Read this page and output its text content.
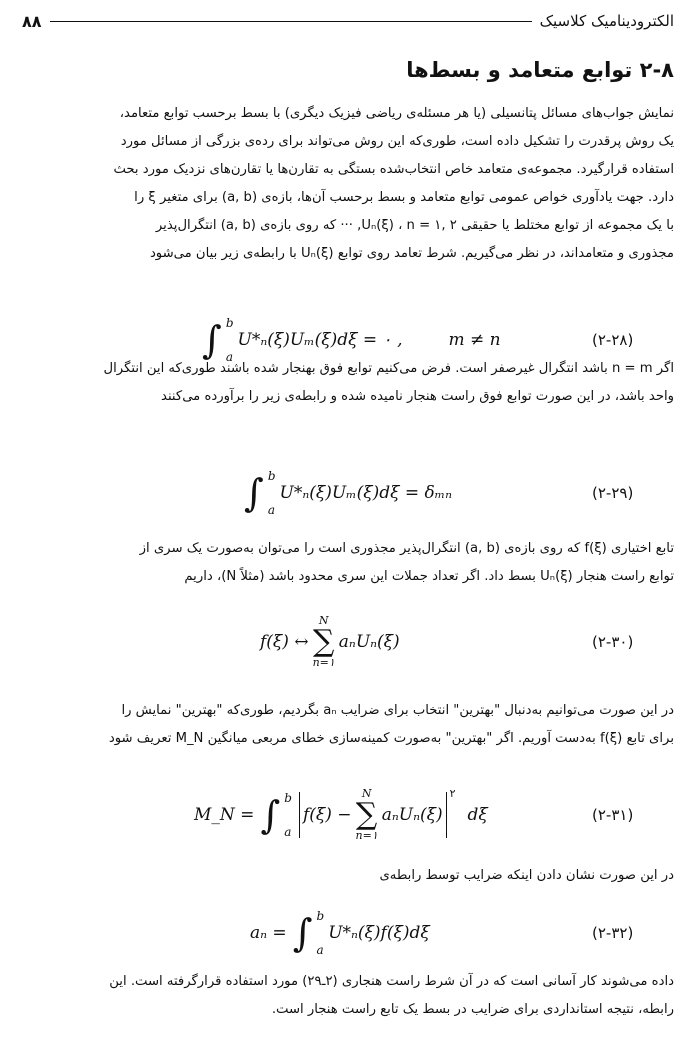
۸۸	الکترودینامیک کلاسیک
۲-۸ توابع متعامد و بسط‌ها
نمایش جواب‌های مسائل پتانسیلی (یا هر مسئله‌ی ریاضی فیزیک دیگری) با بسط برحسب توابع متعامد،
یک روش پرقدرت را تشکیل داده است، طوری‌که این روش می‌تواند برای رده‌ی بزرگی از مسائل مورد
استفاده قرارگیرد. مجموعه‌ی متعامد خاص انتخاب‌شده بستگی به تقارن‌ها یا تقارن‌های نزدیک مورد بحث
دارد. جهت یادآوری خواص عمومی توابع متعامد و بسط برحسب آن‌ها، بازه‌ی (a, b) برای متغیر ξ را
با یک مجموعه از توابع مختلط یا حقیقی Uₙ(ξ) ، n = ۱, ۲, ··· که روی بازه‌ی (a, b) انتگرال‌پذیر
مجذوری و متعامداند، در نظر می‌گیریم. شرط تعامد روی توابع Uₙ(ξ) با رابطه‌ی زیر بیان می‌شود
∫ b
a
U*ₙ(ξ)Uₘ(ξ)dξ = ٠ ,	m ≠ n	(۲-۲۸)
اگر n = m باشد انتگرال غیرصفر است. فرض می‌کنیم توابع فوق بهنجار شده باشند طوری‌که این انتگرال
واحد باشد، در این صورت توابع فوق راست هنجار نامیده شده و رابطه‌ی زیر را برآورده می‌کنند
∫ b
a
U*ₙ(ξ)Uₘ(ξ)dξ = δₘₙ	(۲-۲۹)
تابع اختیاری f(ξ) که روی بازه‌ی (a, b) انتگرال‌پذیر مجذوری است را می‌توان به‌صورت یک سری از
توابع راست هنجار Uₙ(ξ) بسط داد. اگر تعداد جملات این سری محدود باشد (مثلاً N)، داریم
f(ξ) ↔
N
∑
n=۱
aₙUₙ(ξ)	(۲-۳٠)
در این صورت می‌توانیم به‌دنبال "بهترین" انتخاب برای ضرایب aₙ بگردیم، طوری‌که "بهترین" نمایش را
برای تابع f(ξ) به‌دست آوریم. اگر "بهترین" به‌صورت کمینه‌سازی خطای مربعی میانگین M_N تعریف شود
M_N = ∫ b
a
f(ξ) −
N
∑
n=۱
aₙUₙ(ξ)
۲
dξ	(۲-۳۱)
در این صورت نشان دادن اینکه ضرایب توسط رابطه‌ی
aₙ = ∫ b
a
U*ₙ(ξ)f(ξ)dξ	(۲-۳۲)
داده می‌شوند کار آسانی است که در آن شرط راست هنجاری (۲ـ۲۹) مورد استفاده قرارگرفته است. این
رابطه، نتیجه استانداردی برای ضرایب در بسط یک تابع راست هنجار است.
